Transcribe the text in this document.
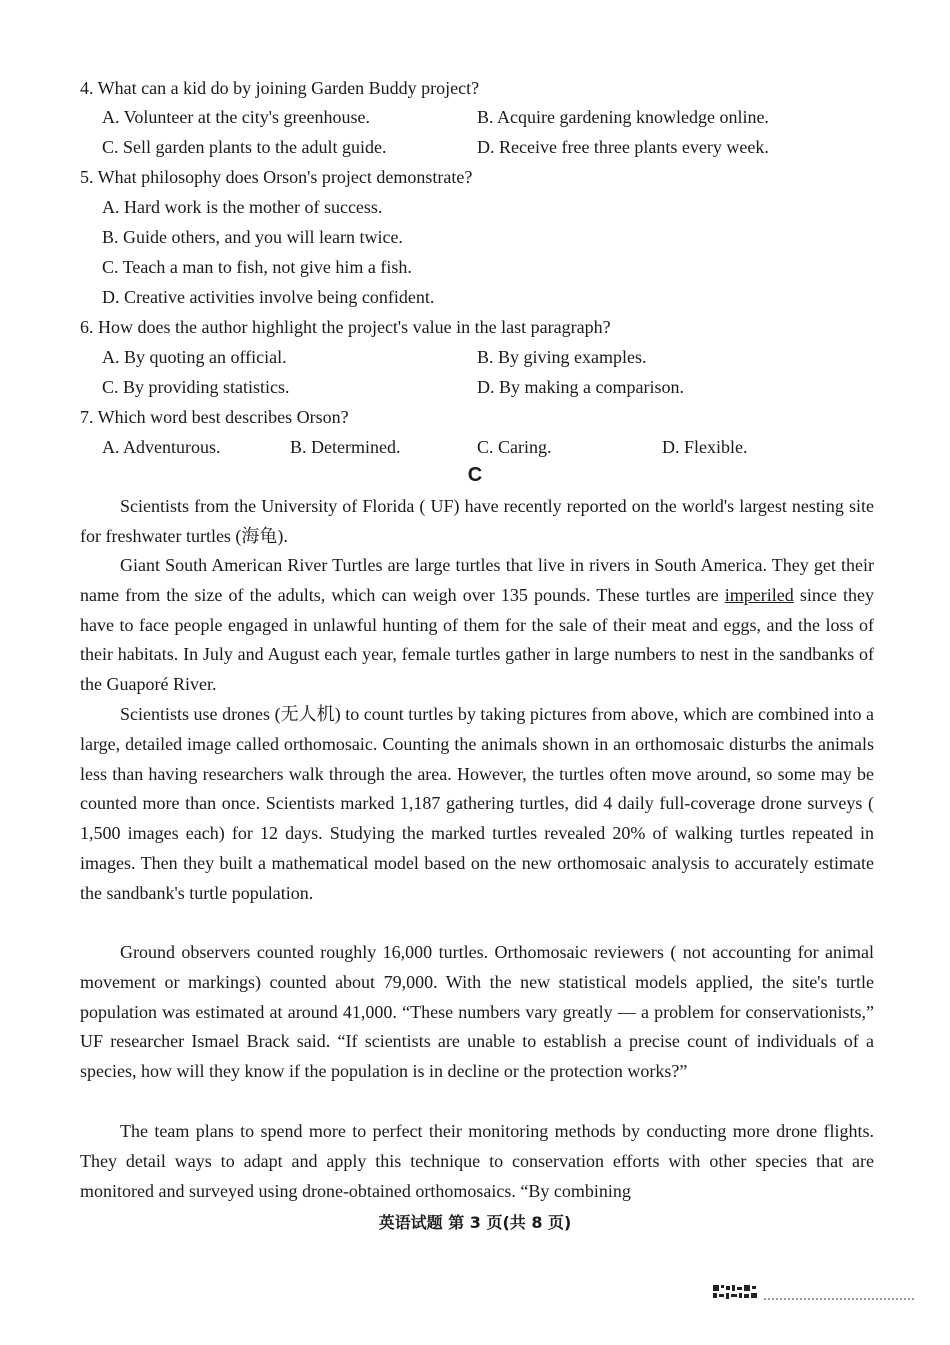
4. What can a kid do by joining Garden Buddy project?
A. Volunteer at the city's greenhouse.	B. Acquire gardening knowledge online.
C. Sell garden plants to the adult guide.	D. Receive free three plants every week.
5. What philosophy does Orson's project demonstrate?
A. Hard work is the mother of success.
B. Guide others, and you will learn twice.
C. Teach a man to fish, not give him a fish.
D. Creative activities involve being confident.
6. How does the author highlight the project's value in the last paragraph?
A. By quoting an official.	B. By giving examples.
C. By providing statistics.	D. By making a comparison.
7. Which word best describes Orson?
A. Adventurous.	B. Determined.	C. Caring.	D. Flexible.
C

Scientists from the University of Florida ( UF) have recently reported on the world's largest nesting site for freshwater turtles (海龟).

Giant South American River Turtles are large turtles that live in rivers in South America. They get their name from the size of the adults, which can weigh over 135 pounds. These turtles are imperiled since they have to face people engaged in unlawful hunting of them for the sale of their meat and eggs, and the loss of their habitats. In July and August each year, female turtles gather in large numbers to nest in the sandbanks of the Guaporé River.

Scientists use drones (无人机) to count turtles by taking pictures from above, which are combined into a large, detailed image called orthomosaic. Counting the animals shown in an orthomosaic disturbs the animals less than having researchers walk through the area. However, the turtles often move around, so some may be counted more than once. Scientists marked 1,187 gathering turtles, did 4 daily full-coverage drone surveys ( 1,500 images each) for 12 days. Studying the marked turtles revealed 20% of walking turtles repeated in images. Then they built a mathematical model based on the new orthomosaic analysis to accurately estimate the sandbank's turtle population.

Ground observers counted roughly 16,000 turtles. Orthomosaic reviewers ( not accounting for animal movement or markings) counted about 79,000. With the new statistical models applied, the site's turtle population was estimated at around 41,000. “These numbers vary greatly — a problem for conservationists,” UF researcher Ismael Brack said. “If scientists are unable to establish a precise count of individuals of a species, how will they know if the population is in decline or the protection works?”

The team plans to spend more to perfect their monitoring methods by conducting more drone flights. They detail ways to adapt and apply this technique to conservation efforts with other species that are monitored and surveyed using drone-obtained orthomosaics. “By combining

英语试题 第 3 页(共 8 页)
